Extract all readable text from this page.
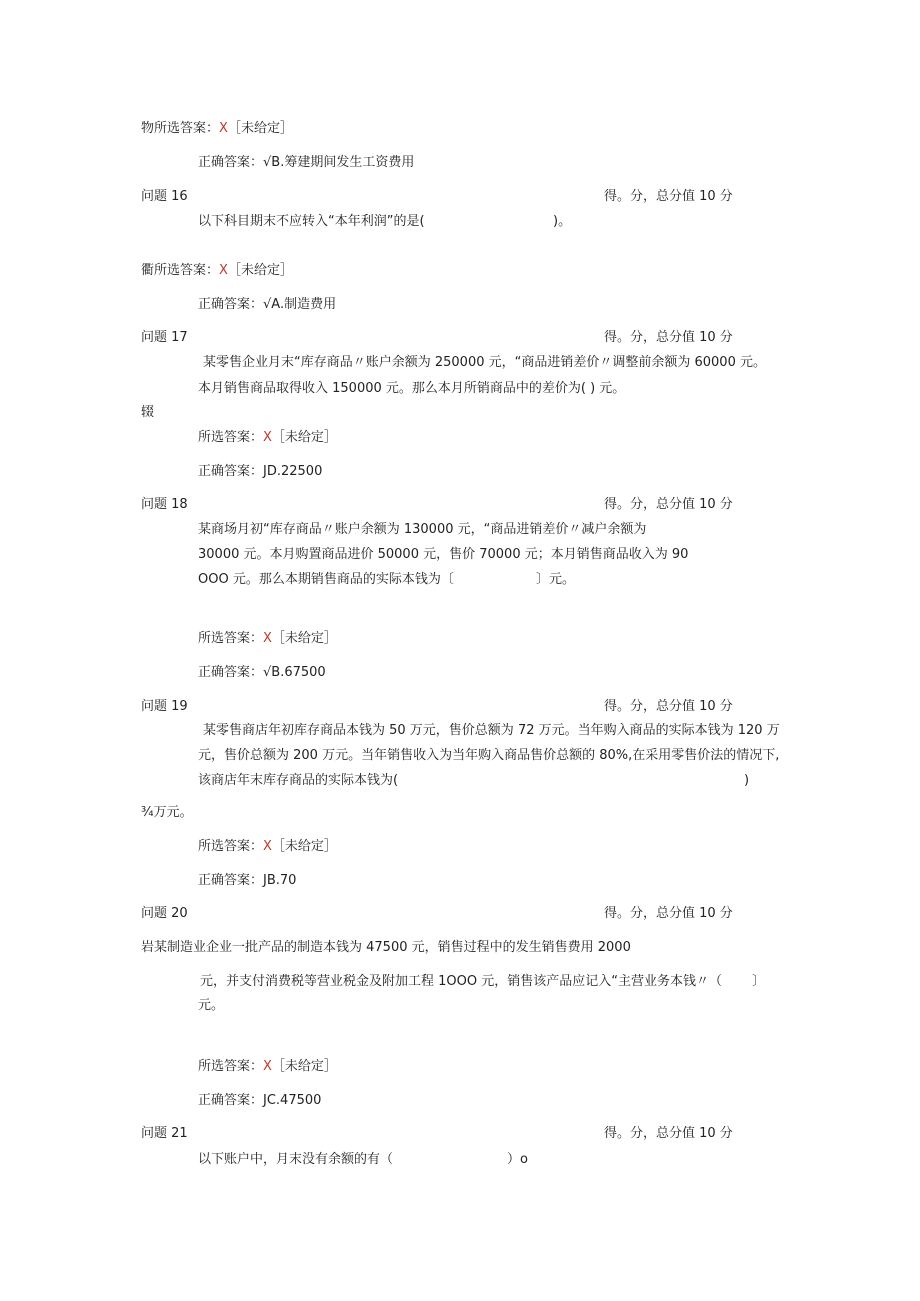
物所选答案：X［未给定］
正确答案：√B.筹建期间发生工资费用
问题 16	得。分，总分值 10 分
以下科目期末不应转入“本年利润”的是(	)。
衢所选答案：X［未给定］
正确答案：√A.制造费用
问题 17	得。分，总分值 10 分
某零售企业月末“库存商品〃账户余额为 250000 元，“商品进销差价〃调整前余额为 60000 元。
本月销售商品取得收入 150000 元。那么本月所销商品中的差价为( ) 元。
辍
所选答案：X［未给定］
正确答案：JD.22500
问题 18	得。分，总分值 10 分
某商场月初“库存商品〃账户余额为 130000 元，“商品进销差价〃减户余额为
30000 元。本月购置商品进价 50000 元，售价 70000 元；本月销售商品收入为 90
OOO 元。那么本期销售商品的实际本钱为〔	〕元。
所选答案：X［未给定］
正确答案：√B.67500
问题 19	得。分，总分值 10 分
某零售商店年初库存商品本钱为 50 万元，售价总额为 72 万元。当年购入商品的实际本钱为 120 万
元，售价总额为 200 万元。当年销售收入为当年购入商品售价总额的 80%,在采用零售价法的情况下,
该商店年末库存商品的实际本钱为(	)
¾万元。
所选答案：X［未给定］
正确答案：JB.70
问题 20	得。分，总分值 10 分
岩某制造业企业一批产品的制造本钱为 47500 元，销售过程中的发生销售费用 2000
元，并支付消费税等营业税金及附加工程 1OOO 元，销售该产品应记入“主营业务本钱〃（ 〕
元。
所选答案：X［未给定］
正确答案：JC.47500
问题 21	得。分，总分值 10 分
以下账户中，月末没有余额的有（	）o
